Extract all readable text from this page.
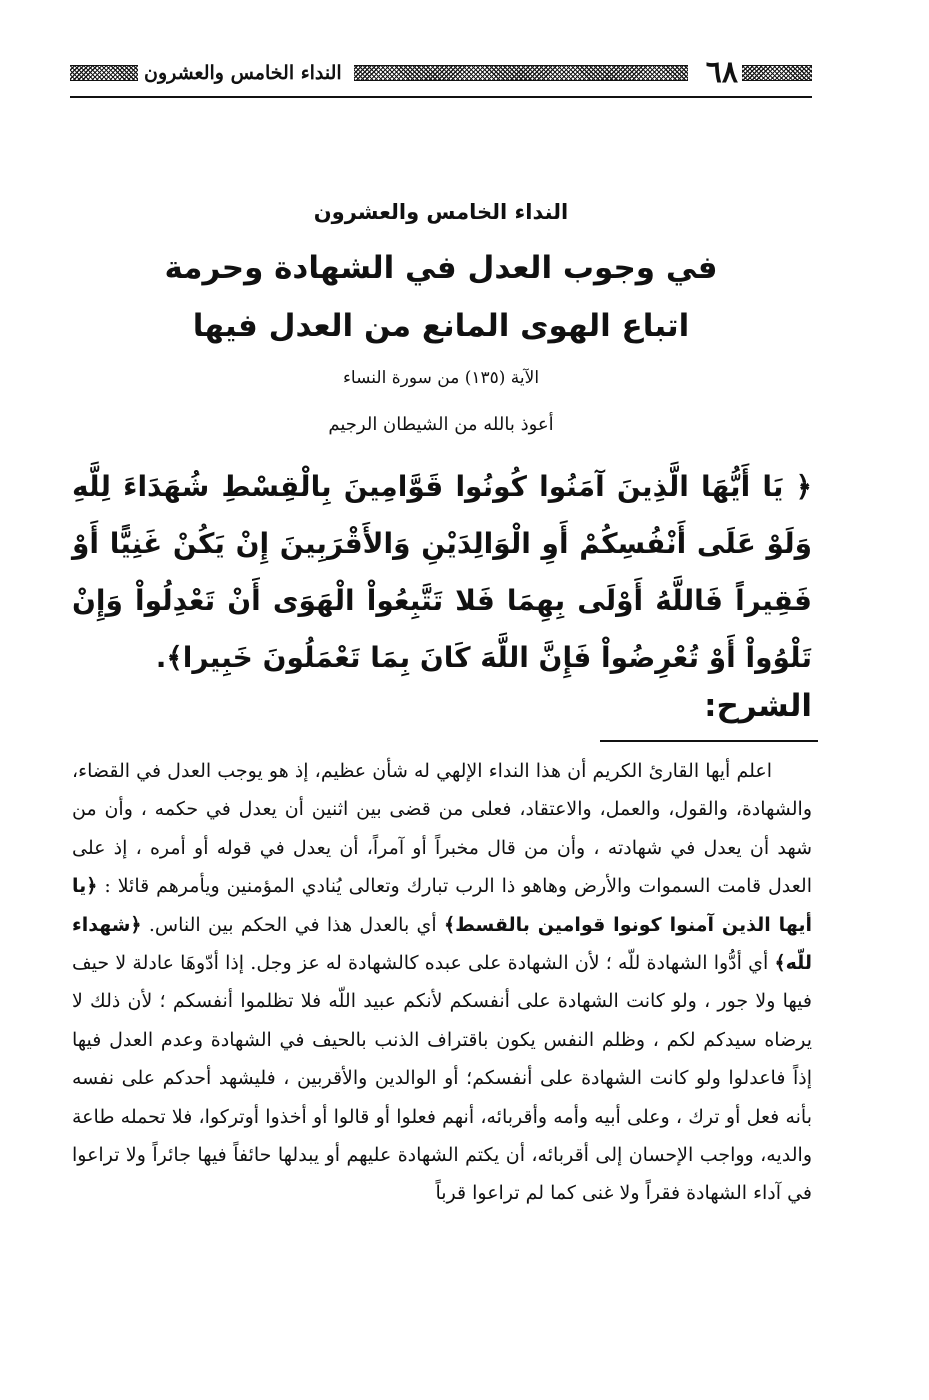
٦٨
النداء الخامس والعشرون
النداء الخامس والعشرون
في وجوب العدل في الشهادة وحرمة
اتباع الهوى المانع من العدل فيها
الآية (١٣٥) من سورة النساء
أعوذ بالله من الشيطان الرجيم
﴿ يَا أَيُّهَا الَّذِينَ آمَنُوا كُونُوا قَوَّامِينَ بِالْقِسْطِ شُهَدَاءَ لِلَّهِ وَلَوْ عَلَى أَنْفُسِكُمْ أَوِ الْوَالِدَيْنِ وَالأَقْرَبِينَ إِنْ يَكُنْ غَنِيًّا أَوْ فَقِيراً فَاللَّهُ أَوْلَى بِهِمَا فَلا تَتَّبِعُواْ الْهَوَى أَنْ تَعْدِلُواْ وَإِنْ تَلْوُواْ أَوْ تُعْرِضُواْ فَإِنَّ اللَّهَ كَانَ بِمَا تَعْمَلُونَ خَبِيرا﴾.
الشرح:
اعلم أيها القارئ الكريم أن هذا النداء الإلهي له شأن عظيم، إذ هو يوجب العدل في القضاء، والشهادة، والقول، والعمل، والاعتقاد، فعلى من قضى بين اثنين أن يعدل في حكمه ، وأن من شهد أن يعدل في شهادته ، وأن من قال مخبراً أو آمراً، أن يعدل في قوله أو أمره ، إذ على العدل قامت السموات والأرض وهاهو ذا الرب تبارك وتعالى يُنادي المؤمنين ويأمرهم قائلا : ﴿يا أيها الذين آمنوا كونوا قوامين بالقسط﴾ أي بالعدل هذا في الحكم بين الناس. ﴿شهداء للّه﴾ أي أدُّوا الشهادة للّه ؛ لأن الشهادة على عبده كالشهادة له عز وجل. إذا أدّوهَا عادلة لا حيف فيها ولا جور ، ولو كانت الشهادة على أنفسكم لأنكم عبيد اللّه فلا تظلموا أنفسكم ؛ لأن ذلك لا يرضاه سيدكم لكم ، وظلم النفس يكون باقتراف الذنب بالحيف في الشهادة وعدم العدل فيها إذاً فاعدلوا ولو كانت الشهادة على أنفسكم؛ أو الوالدين والأقربين ، فليشهد أحدكم على نفسه بأنه فعل أو ترك ، وعلى أبيه وأمه وأقربائه، أنهم فعلوا أو قالوا أو أخذوا أوتركوا، فلا تحمله طاعة والديه، وواجب الإحسان إلى أقربائه، أن يكتم الشهادة عليهم أو يبدلها حائفاً فيها جائراً ولا تراعوا في آداء الشهادة فقراً ولا غنى كما لم تراعوا قرباً
